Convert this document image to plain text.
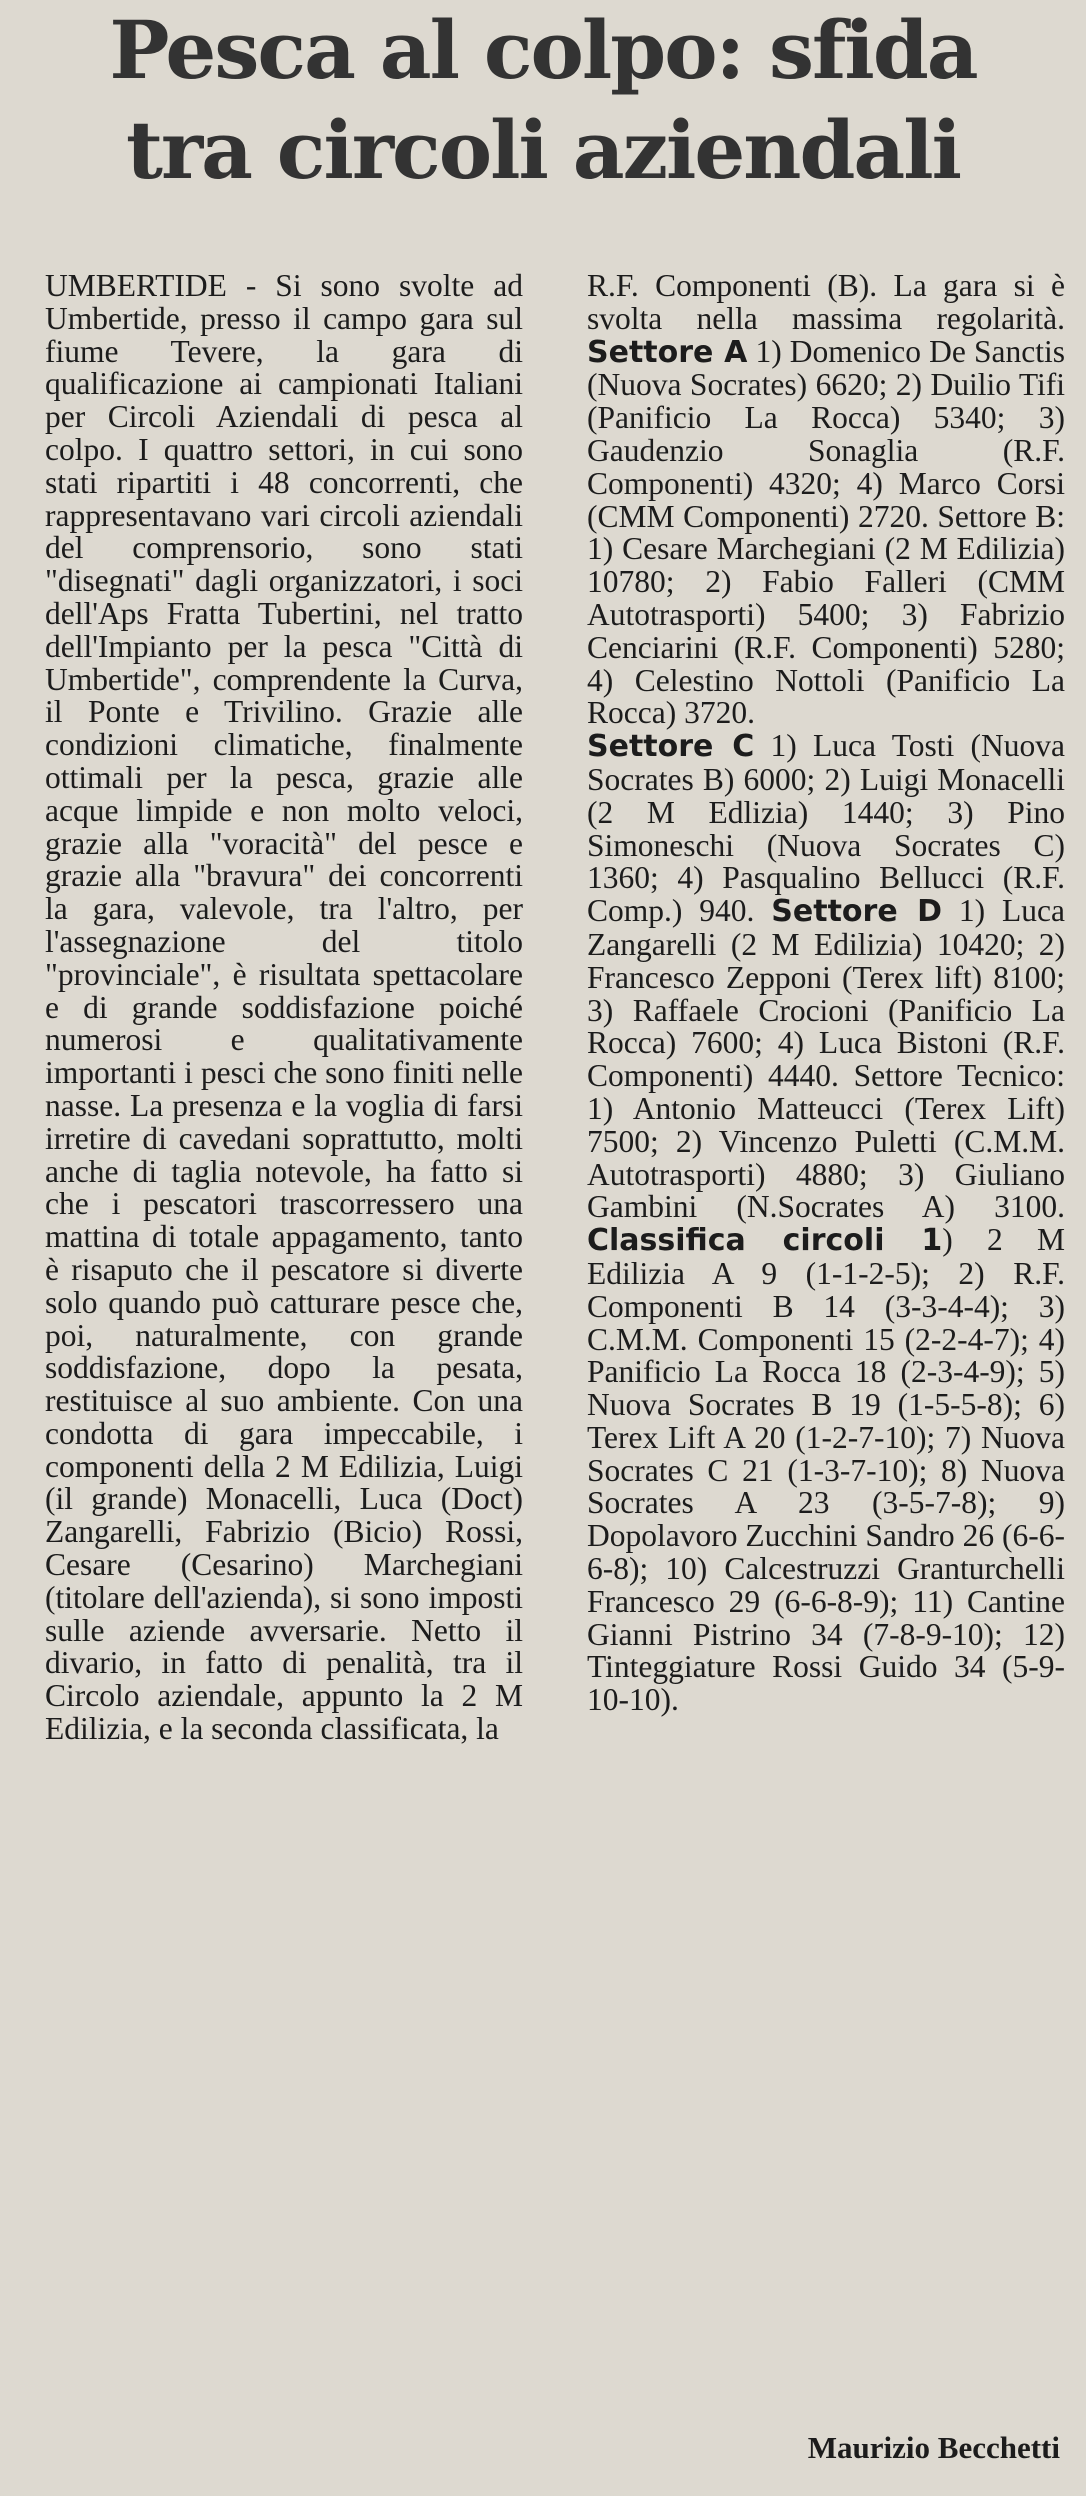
Pesca al colpo: sfida
tra circoli aziendali

UMBERTIDE - Si sono svolte ad Umbertide, presso il campo gara sul fiume Tevere, la gara di qualificazione ai campionati Italiani per Circoli Aziendali di pesca al colpo. I quattro settori, in cui sono stati ripartiti i 48 concorrenti, che rappresentavano vari circoli aziendali del comprensorio, sono stati "disegnati" dagli organizzatori, i soci dell'Aps Fratta Tubertini, nel tratto dell'Impianto per la pesca "Città di Umbertide", comprendente la Curva, il Ponte e Trivilino. Grazie alle condizioni climatiche, finalmente ottimali per la pesca, grazie alle acque limpide e non molto veloci, grazie alla "voracità" del pesce e grazie alla "bravura" dei concorrenti la gara, valevole, tra l'altro, per l'assegnazione del titolo "provinciale", è risultata spettacolare e di grande soddisfazione poiché numerosi e qualitativamente importanti i pesci che sono finiti nelle nasse. La presenza e la voglia di farsi irretire di cavedani soprattutto, molti anche di taglia notevole, ha fatto si che i pescatori trascorressero una mattina di totale appagamento, tanto è risaputo che il pescatore si diverte solo quando può catturare pesce che, poi, naturalmente, con grande soddisfazione, dopo la pesata, restituisce al suo ambiente. Con una condotta di gara impeccabile, i componenti della 2 M Edilizia, Luigi (il grande) Monacelli, Luca (Doct) Zangarelli, Fabrizio (Bicio) Rossi, Cesare (Cesarino) Marchegiani (titolare dell'azienda), si sono imposti sulle aziende avversarie. Netto il divario, in fatto di penalità, tra il Circolo aziendale, appunto la 2 M Edilizia, e la seconda classificata, la

R.F. Componenti (B). La gara si è svolta nella massima regolarità. Settore A 1) Domenico De Sanctis (Nuova Socrates) 6620; 2) Duilio Tifi (Panificio La Rocca) 5340; 3) Gaudenzio Sonaglia (R.F. Componenti) 4320; 4) Marco Corsi (CMM Componenti) 2720. Settore B: 1) Cesare Marchegiani (2 M Edilizia) 10780; 2) Fabio Falleri (CMM Autotrasporti) 5400; 3) Fabrizio Cenciarini (R.F. Componenti) 5280; 4) Celestino Nottoli (Panificio La Rocca) 3720.

Settore C 1) Luca Tosti (Nuova Socrates B) 6000; 2) Luigi Monacelli (2 M Edlizia) 1440; 3) Pino Simoneschi (Nuova Socrates C) 1360; 4) Pasqualino Bellucci (R.F. Comp.) 940. Settore D 1) Luca Zangarelli (2 M Edilizia) 10420; 2) Francesco Zepponi (Terex lift) 8100; 3) Raffaele Crocioni (Panificio La Rocca) 7600; 4) Luca Bistoni (R.F. Componenti) 4440. Settore Tecnico: 1) Antonio Matteucci (Terex Lift) 7500; 2) Vincenzo Puletti (C.M.M. Autotrasporti) 4880; 3) Giuliano Gambini (N.Socrates A) 3100. Classifica circoli 1) 2 M Edilizia A 9 (1-1-2-5); 2) R.F. Componenti B 14 (3-3-4-4); 3) C.M.M. Componenti 15 (2-2-4-7); 4) Panificio La Rocca 18 (2-3-4-9); 5) Nuova Socrates B 19 (1-5-5-8); 6) Terex Lift A 20 (1-2-7-10); 7) Nuova Socrates C 21 (1-3-7-10); 8) Nuova Socrates A 23 (3-5-7-8); 9) Dopolavoro Zucchini Sandro 26 (6-6-6-8); 10) Calcestruzzi Granturchelli Francesco 29 (6-6-8-9); 11) Cantine Gianni Pistrino 34 (7-8-9-10); 12) Tinteggiature Rossi Guido 34 (5-9-10-10).

Maurizio Becchetti
